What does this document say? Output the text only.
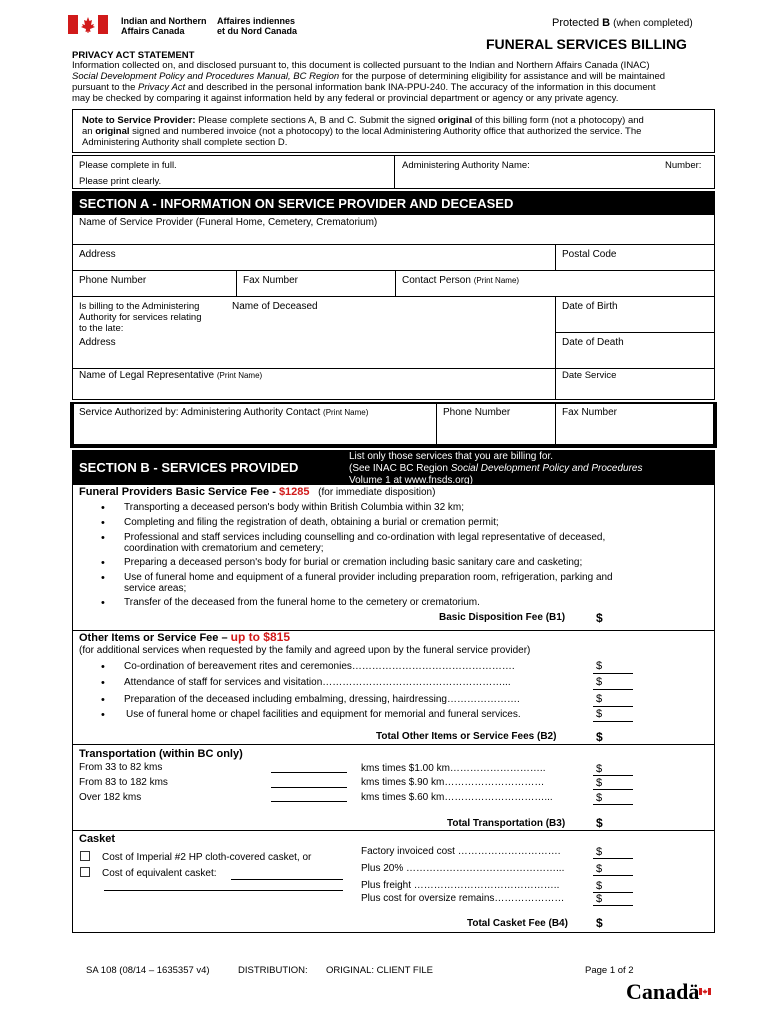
Indian and Northern
Affairs Canada
Affaires indiennes
et du Nord Canada
Protected B (when completed)
FUNERAL SERVICES BILLING
PRIVACY ACT STATEMENT
Information collected on, and disclosed pursuant to, this document is collected pursuant to the Indian and Northern Affairs Canada (INAC)
Social Development Policy and Procedures Manual, BC Region for the purpose of determining eligibility for assistance and will be maintained
pursuant to the Privacy Act and described in the personal information bank INA-PPU-240. The accuracy of the information in this document
may be checked by comparing it against information held by any federal or provincial department or agency or any private agency.
Note to Service Provider: Please complete sections A, B and C. Submit the signed original of this billing form (not a photocopy) and
an original signed and numbered invoice (not a photocopy) to the local Administering Authority office that authorized the service. The
Administering Authority shall complete section D.
Please complete in full.
Please print clearly.
Administering Authority Name:	Number:
SECTION A - INFORMATION ON SERVICE PROVIDER AND DECEASED
Name of Service Provider (Funeral Home, Cemetery, Crematorium)
Address	Postal Code
Phone Number	Fax Number	Contact Person (Print Name)
Is billing to the Administering
Authority for services relating
to the late:
Name of Deceased	Date of Birth
Address	Date of Death
Name of Legal Representative (Print Name)	Date Service
Service Authorized by: Administering Authority Contact (Print Name)	Phone Number	Fax Number
SECTION B - SERVICES PROVIDED
List only those services that you are billing for.
(See INAC BC Region Social Development Policy and Procedures
Volume 1 at www.fnsds.org)
Funeral Providers Basic Service Fee - $1285 (for immediate disposition)
• Transporting a deceased person's body within British Columbia within 32 km;
• Completing and filing the registration of death, obtaining a burial or cremation permit;
• Professional and staff services including counselling and co-ordination with legal representative of deceased,
coordination with crematorium and cemetery;
• Preparing a deceased person's body for burial or cremation including basic sanitary care and casketing;
• Use of funeral home and equipment of a funeral provider including preparation room, refrigeration, parking and
service areas;
• Transfer of the deceased from the funeral home to the cemetery or crematorium.
Basic Disposition Fee (B1)	$
Other Items or Service Fee – up to $815
(for additional services when requested by the family and agreed upon by the funeral service provider)
• Co-ordination of bereavement rites and ceremonies………………………………………….	$
• Attendance of staff for services and visitation………………………………………………...	$
• Preparation of the deceased including embalming, dressing, hairdressing………………….	$
• Use of funeral home or chapel facilities and equipment for memorial and funeral services.	$
Total Other Items or Service Fees (B2)	$
Transportation (within BC only)
From 33 to 82 kms	kms times $1.00 km………………………..	$
From 83 to 182 kms	kms times $.90 km…………………………	$
Over 182 kms	kms times $.60 km…………………………...	$
Total Transportation (B3)	$
Casket
Cost of Imperial #2 HP cloth-covered casket, or
Cost of equivalent casket:
Factory invoiced cost ………………………….	$
Plus 20% ………………………………………...	$
Plus freight ……………………………………..	$
Plus cost for oversize remains…………………	$
Total Casket Fee (B4) $
SA 108 (08/14 – 1635357 v4)	DISTRIBUTION: ORIGINAL: CLIENT FILE	Page 1 of 2
Canadä
